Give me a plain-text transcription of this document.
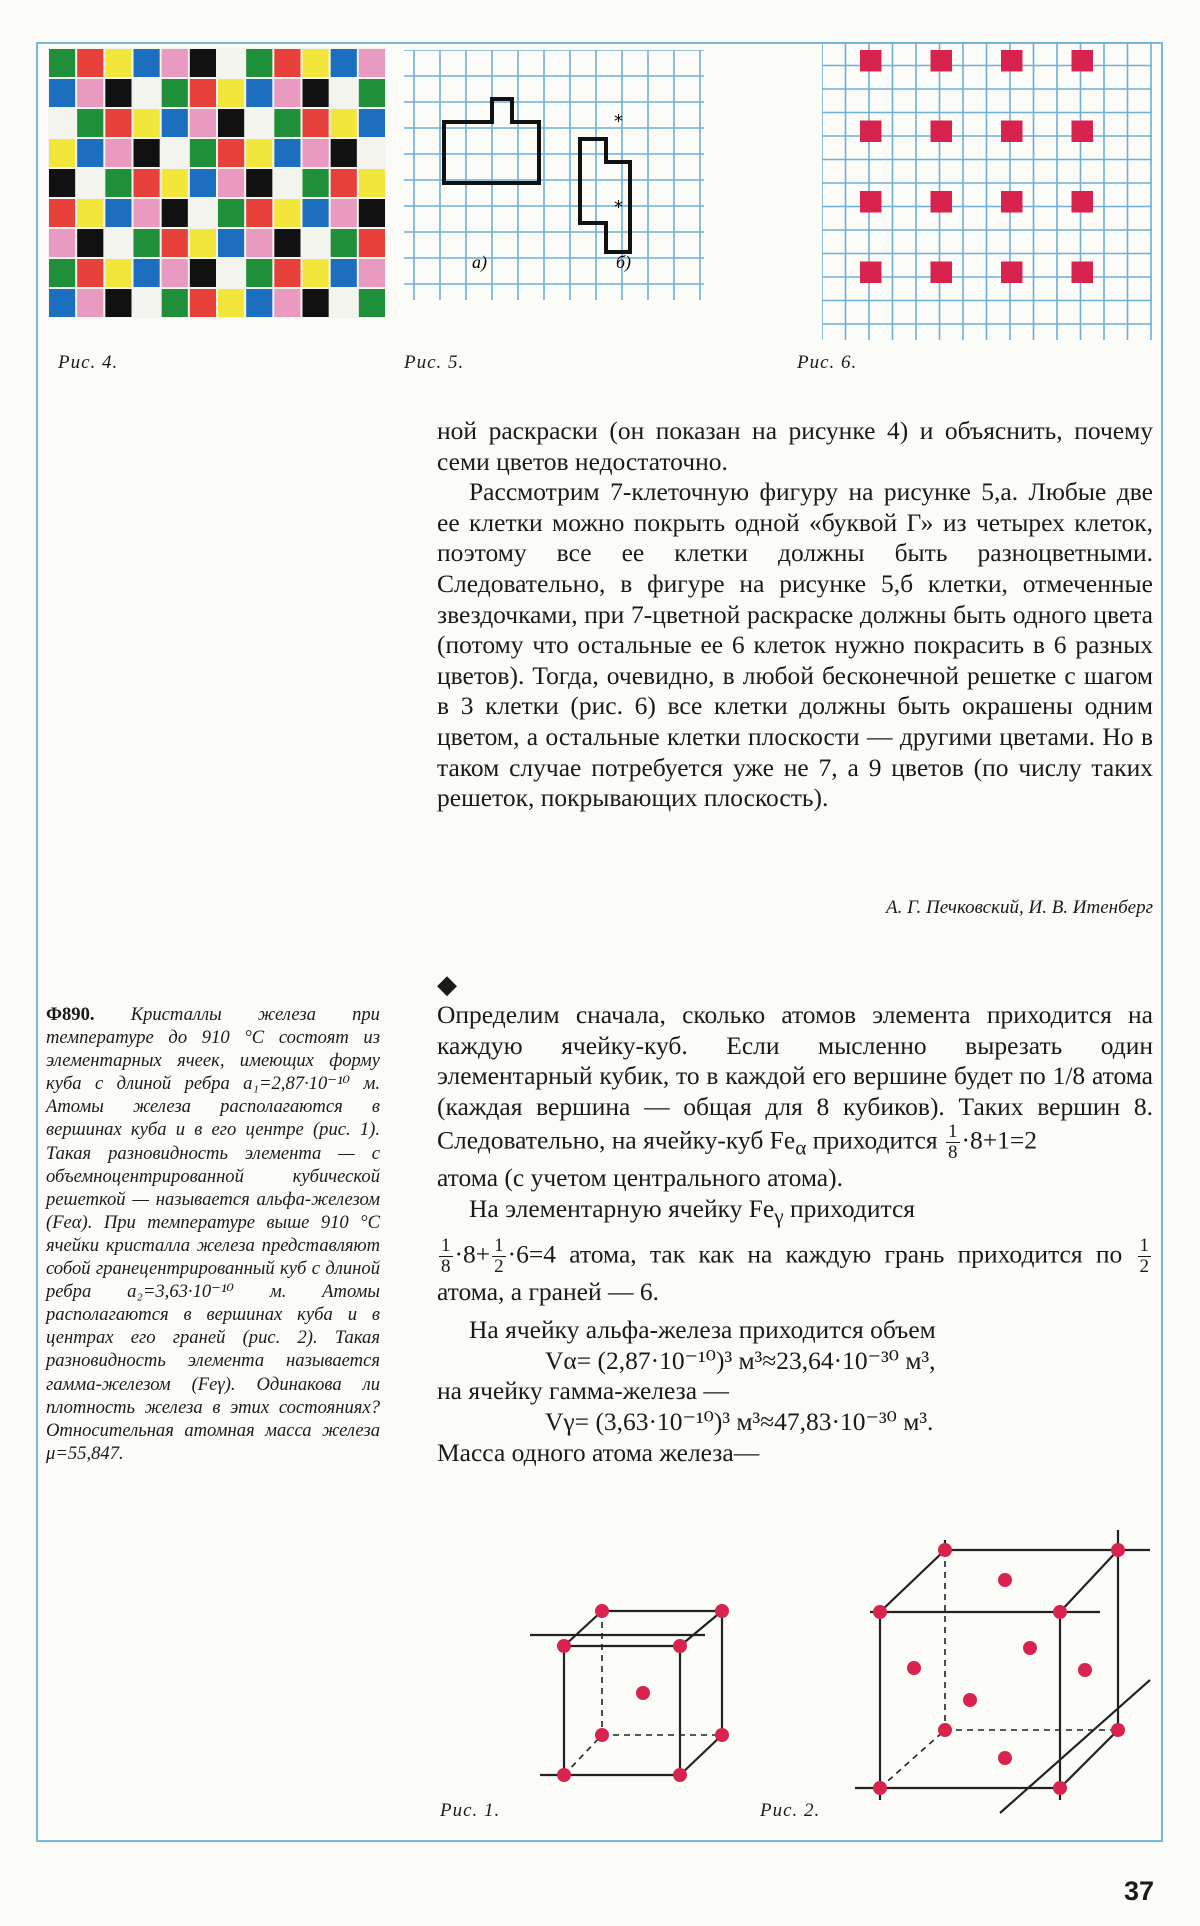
Рис. 4.
*
*
а)	б)
Рис. 5.	Рис. 6.

ной раскраски (он показан на рисунке 4) и объяснить, почему семи цветов недостаточно.

Рассмотрим 7-клеточную фигуру на рисунке 5,а. Любые две ее клетки можно покрыть одной «буквой Г» из четырех клеток, поэтому все ее клетки должны быть разноцветными. Следовательно, в фигуре на рисунке 5,б клетки, отмеченные звездочками, при 7-цветной раскраске должны быть одного цвета (потому что остальные ее 6 клеток нужно покрасить в 6 разных цветов). Тогда, очевидно, в любой бесконечной решетке с шагом в 3 клетки (рис. 6) все клетки должны быть окрашены одним цветом, а остальные клетки плоскости — другими цветами. Но в таком случае потребуется уже не 7, а 9 цветов (по числу таких решеток, покрывающих плоскость).

А. Г. Печковский, И. В. Итенберг
◆
Ф890. Кристаллы железа при температуре до 910 °С состоят из элементарных ячеек, имеющих форму куба с длиной ребра a₁=2,87·10⁻¹⁰ м. Атомы железа располагаются в вершинах куба и в его центре (рис. 1). Такая разновидность элемента — с объемноцентрированной кубической решеткой — называется альфа-железом (Feα). При температуре выше 910 °С ячейки кристалла железа представляют собой гранецентрированный куб с длиной ребра a₂=3,63·10⁻¹⁰ м. Атомы располагаются в вершинах куба и в центрах его граней (рис. 2). Такая разновидность элемента называется гамма-железом (Feγ). Одинакова ли плотность железа в этих состояниях? Относительная атомная масса железа μ=55,847.

Определим сначала, сколько атомов элемента приходится на каждую ячейку-куб. Если мысленно вырезать один элементарный кубик, то в каждой его вершине будет по 1/8 атома (каждая вершина — общая для 8 кубиков). Таких вершин 8. Следовательно, на ячейку-куб $Fe_\alpha$ приходится $\frac{1}{8} \cdot 8+1=2$

атома (с учетом центрального атома).

На элементарную ячейку $Fe_\gamma$ приходится

$\frac{1}{8} \cdot 8+ \frac{1}{2} \cdot 6=4$ атома, так как на каждую грань приходится по $\frac{1}{2}$
атома, а граней — 6.

На ячейку альфа-железа приходится объем

Vα= (2,87·10⁻¹⁰)³ м³≈23,64·10⁻³⁰ м³,

на ячейку гамма-железа —

Vγ= (3,63·10⁻¹⁰)³ м³≈47,83·10⁻³⁰ м³.

Масса одного атома железа—

Рис. 1.	Рис. 2.
37
